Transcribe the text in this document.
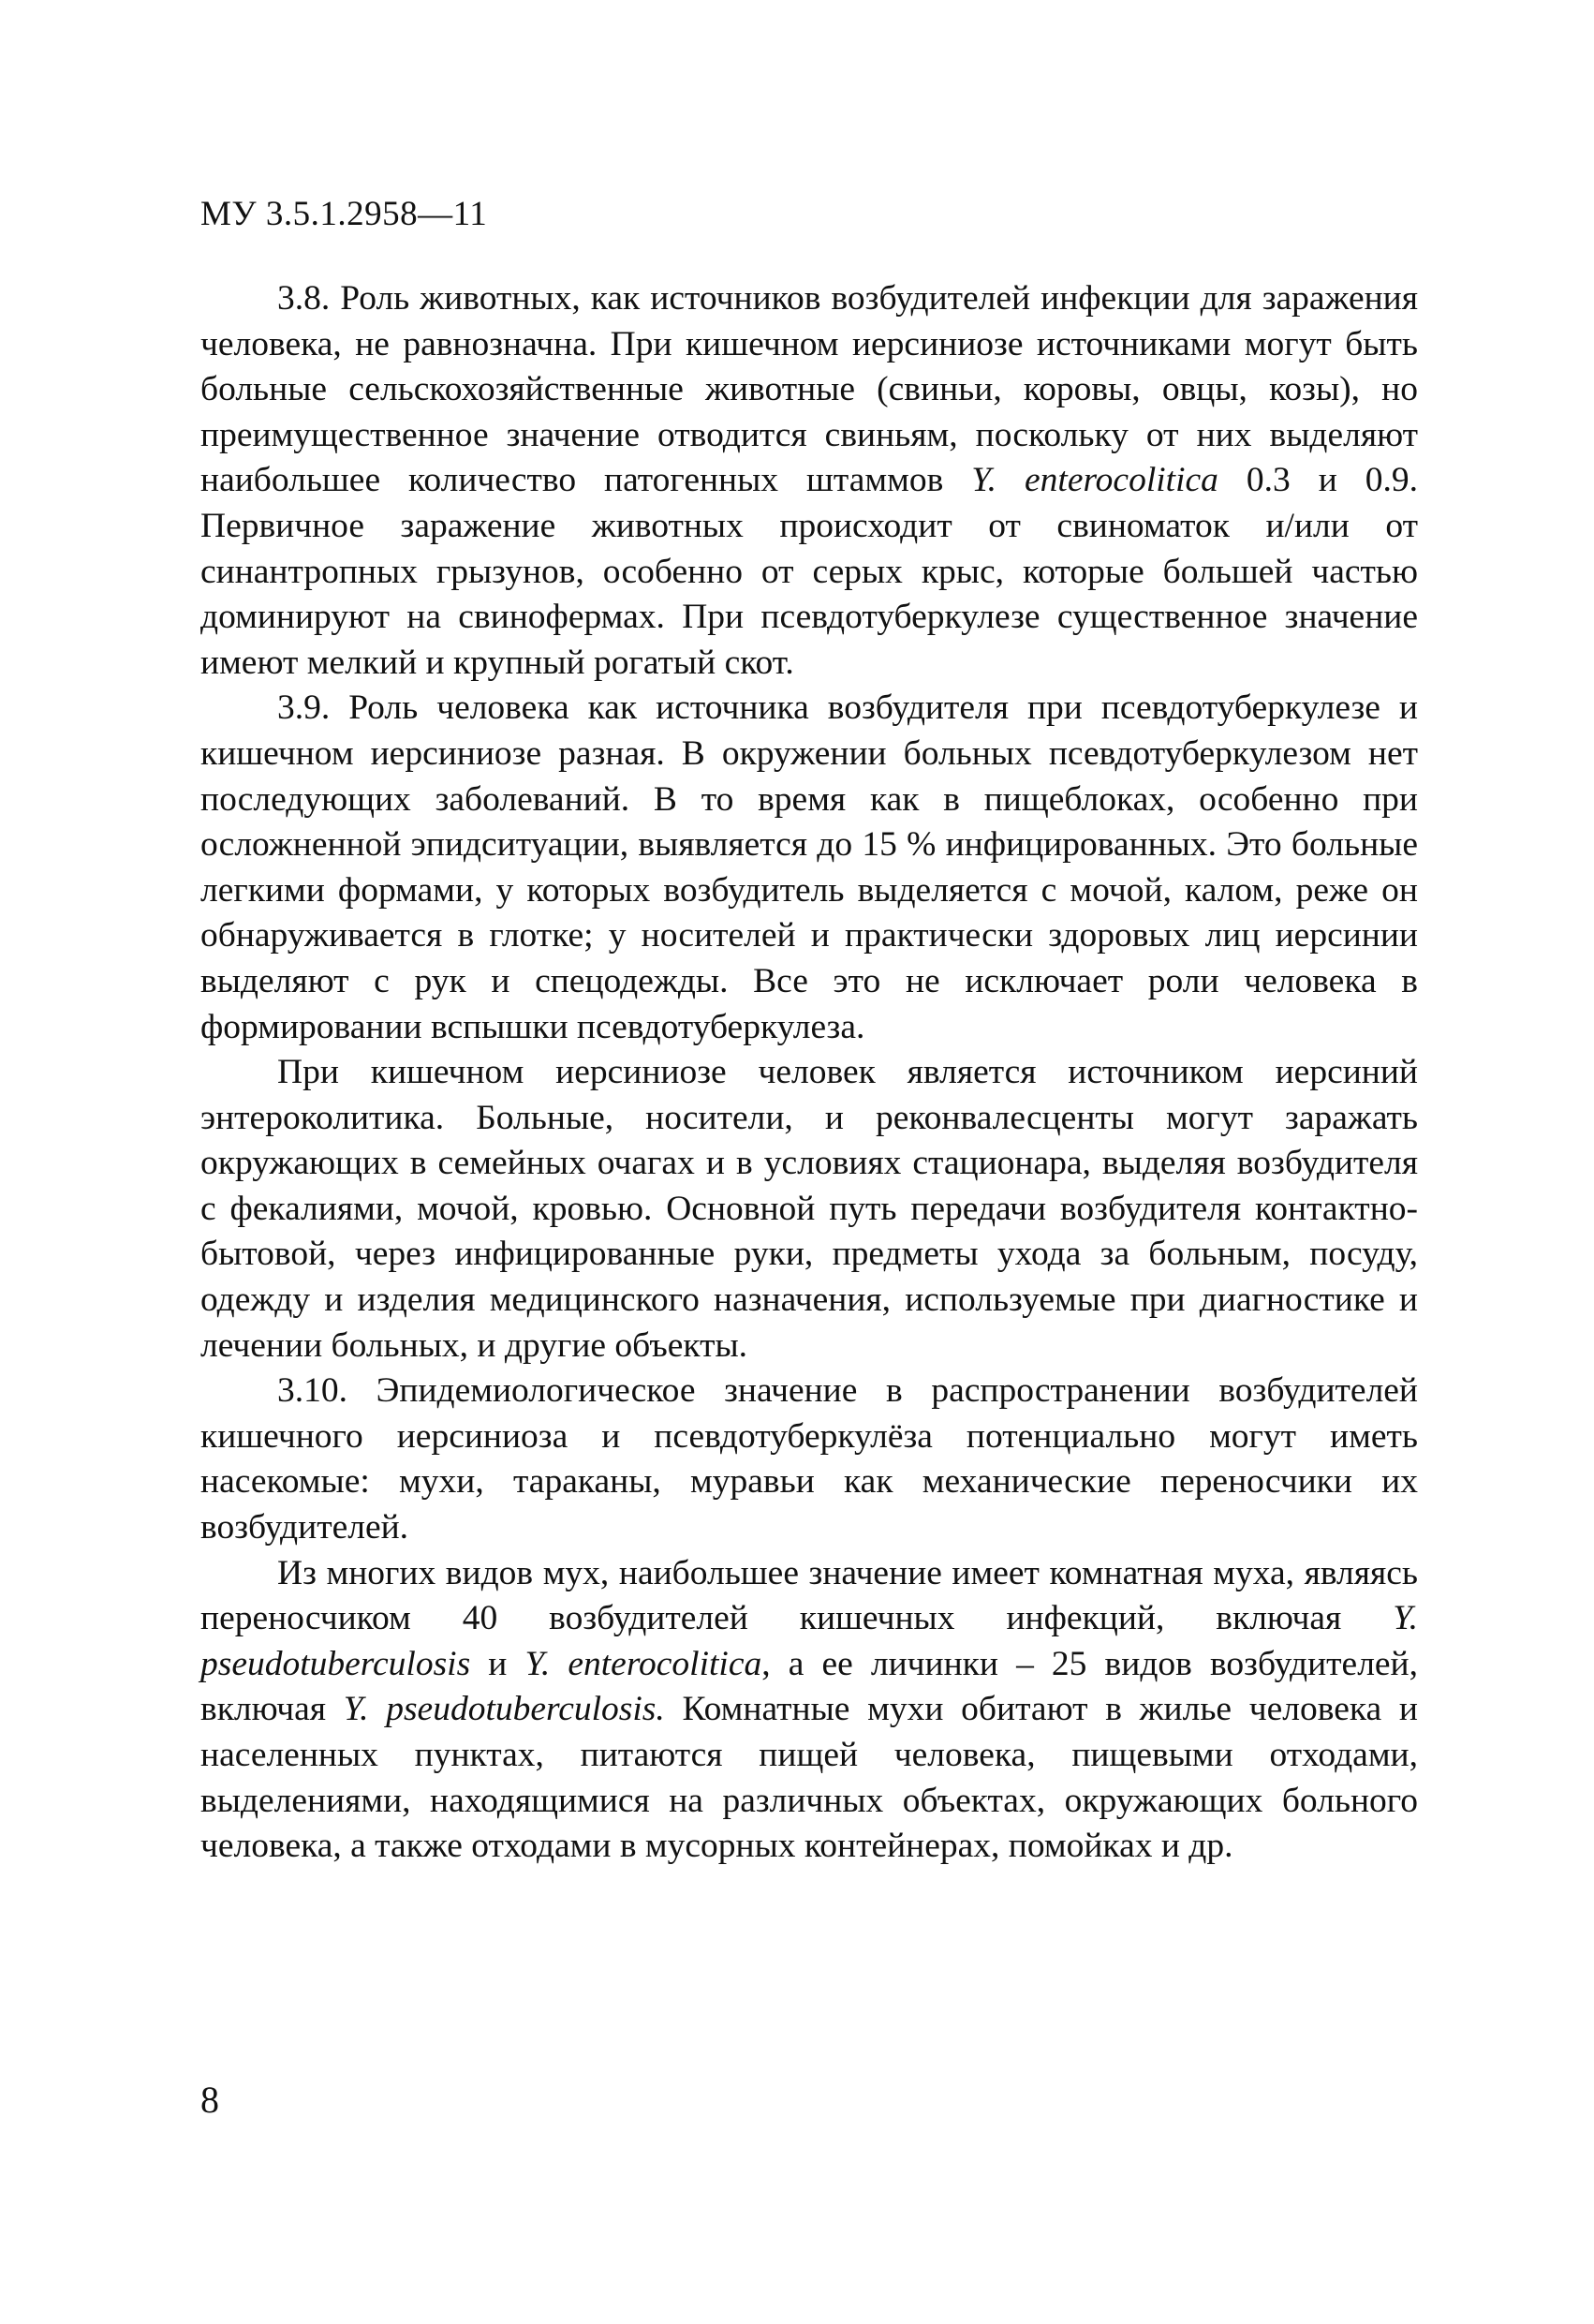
МУ 3.5.1.2958—11

3.8. Роль животных, как источников возбудителей инфекции для заражения человека, не равнозначна. При кишечном иерсиниозе источниками могут быть больные сельскохозяйственные животные (свиньи, коровы, овцы, козы), но преимущественное значение отводится свиньям, поскольку от них выделяют наибольшее количество патогенных штаммов Y. enterocolitica 0.3 и 0.9. Первичное заражение животных происходит от свиноматок и/или от синантропных грызунов, особенно от серых крыс, которые большей частью доминируют на свинофермах. При псевдотуберкулезе существенное значение имеют мелкий и крупный рогатый скот.

3.9. Роль человека как источника возбудителя при псевдотуберкулезе и кишечном иерсиниозе разная. В окружении больных псевдотуберкулезом нет последующих заболеваний. В то время как в пищеблоках, особенно при осложненной эпидситуации, выявляется до 15 % инфицированных. Это больные легкими формами, у которых возбудитель выделяется с мочой, калом, реже он обнаруживается в глотке; у носителей и практически здоровых лиц иерсинии выделяют с рук и спецодежды. Все это не исключает роли человека в формировании вспышки псевдотуберкулеза.

При кишечном иерсиниозе человек является источником иерсиний энтероколитика. Больные, носители, и реконвалесценты могут заражать окружающих в семейных очагах и в условиях стационара, выделяя возбудителя с фекалиями, мочой, кровью. Основной путь передачи возбудителя контактно-бытовой, через инфицированные руки, предметы ухода за больным, посуду, одежду и изделия медицинского назначения, используемые при диагностике и лечении больных, и другие объекты.

3.10. Эпидемиологическое значение в распространении возбудителей кишечного иерсиниоза и псевдотуберкулёза потенциально могут иметь насекомые: мухи, тараканы, муравьи как механические переносчики их возбудителей.

Из многих видов мух, наибольшее значение имеет комнатная муха, являясь переносчиком 40 возбудителей кишечных инфекций, включая Y. pseudotuberculosis и Y. enterocolitica, а ее личинки – 25 видов возбудителей, включая Y. pseudotuberculosis. Комнатные мухи обитают в жилье человека и населенных пунктах, питаются пищей человека, пищевыми отходами, выделениями, находящимися на различных объектах, окружающих больного человека, а также отходами в мусорных контейнерах, помойках и др.

8
